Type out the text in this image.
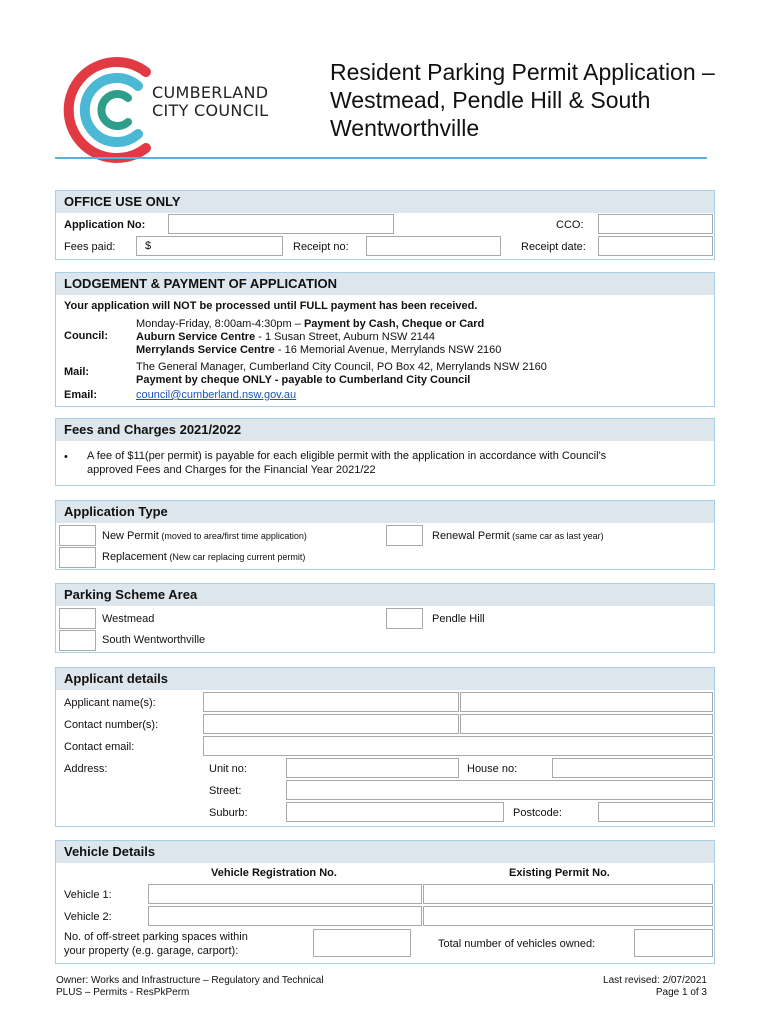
CUMBERLAND
CITY COUNCIL
Resident Parking Permit Application – Westmead, Pendle Hill & South Wentworthville
OFFICE USE ONLY
Application No:	CCO:
Fees paid:	$	Receipt no:	Receipt date:
LODGEMENT & PAYMENT OF APPLICATION
Your application will NOT be processed until FULL payment has been received.
Council:
Monday-Friday, 8:00am-4:30pm – Payment by Cash, Cheque or Card
Auburn Service Centre - 1 Susan Street, Auburn NSW 2144
Merrylands Service Centre - 16 Memorial Avenue, Merrylands NSW 2160
Mail:	The General Manager, Cumberland City Council, PO Box 42, Merrylands NSW 2160
Payment by cheque ONLY - payable to Cumberland City Council
Email:	council@cumberland.nsw.gov.au
Fees and Charges 2021/2022
• A fee of $11(per permit) is payable for each eligible permit with the application in accordance with Council's
approved Fees and Charges for the Financial Year 2021/22
Application Type
New Permit (moved to area/first time application)	Renewal Permit (same car as last year)
Replacement (New car replacing current permit)
Parking Scheme Area
Westmead	Pendle Hill
South Wentworthville
Applicant details
Applicant name(s):
Contact number(s):
Contact email:
Address:	Unit no:	House no:
Street:
Suburb:	Postcode:
Vehicle Details
Vehicle Registration No.	Existing Permit No.
Vehicle 1:
Vehicle 2:
No. of off-street parking spaces within
your property (e.g. garage, carport):
Total number of vehicles owned:
Owner: Works and Infrastructure – Regulatory and Technical
PLUS – Permits - ResPkPerm
Last revised: 2/07/2021
Page 1 of 3
